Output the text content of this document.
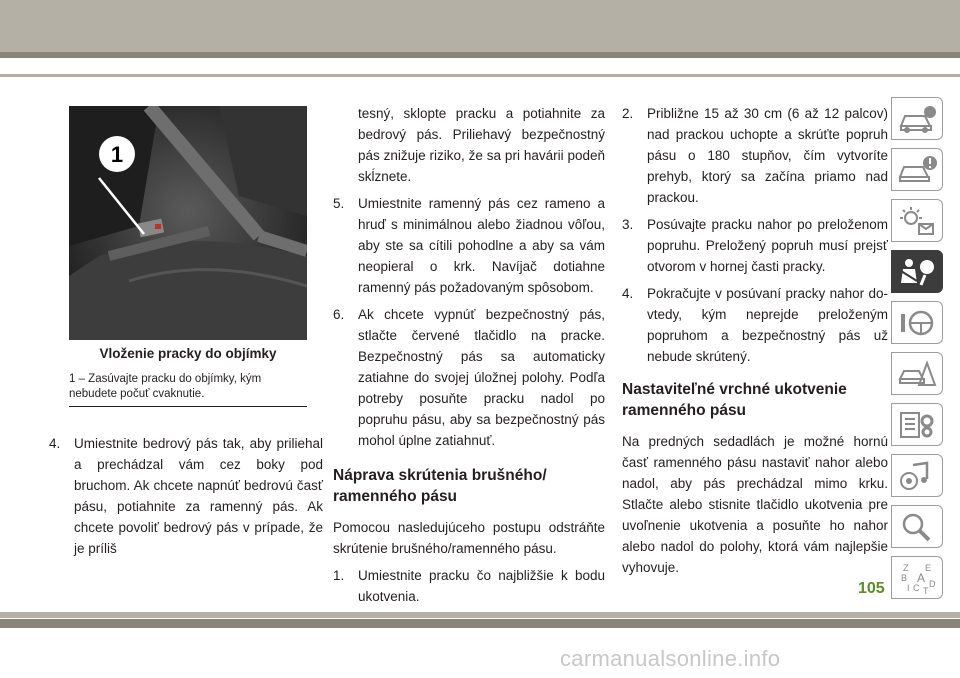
1
Vloženie pracky do objímky
1 – Zasúvajte pracku do objímky, kým nebudete počuť cvaknutie.
4.	Umiestnite bedrový pás tak, aby priliehal a prechádzal vám cez boky pod bruchom. Ak chcete napnúť bedrovú časť pásu, potiahnite za ramenný pás. Ak chcete povoliť bedrový pás v prípade, že je príliš

tesný, sklopte pracku a potiahnite za bedrový pás. Priliehavý bezpečnostný pás znižuje riziko, že sa pri havárii podeň skĺznete.

5.	Umiestnite ramenný pás cez rameno a hruď s minimálnou alebo žiadnou vôľou, aby ste sa cítili pohodlne a aby sa vám neopieral o krk. Navíjač dotiahne ramenný pás požadovaným spôsobom.
6.	Ak chcete vypnúť bezpečnostný pás, stlačte červené tlačidlo na pracke. Bezpečnostný pás sa automaticky zatiahne do svojej úložnej polohy. Podľa potreby posuňte pracku nadol po popruhu pásu, aby sa bezpečnostný pás mohol úplne zatiahnuť.
Náprava skrútenia brušného/ ramenného pásu

Pomocou nasledujúceho postupu odstráňte skrútenie brušného/ramenného pásu.

1.	Umiestnite pracku čo najbližšie k bodu ukotvenia.
2.	Približne 15 až 30 cm (6 až 12 palcov) nad prackou uchopte a skrúťte popruh pásu o 180 stupňov, čím vytvoríte prehyb, ktorý sa začína priamo nad prackou.
3.	Posúvajte pracku nahor po preloženom popruhu. Preložený popruh musí prejsť otvorom v hornej časti pracky.
4.	Pokračujte v posúvaní pracky nahor do-vtedy, kým neprejde preloženým popruhom a bezpečnostný pás už nebude skrútený.
Nastaviteľné vrchné ukotvenie ramenného pásu

Na predných sedadlách je možné hornú časť ramenného pásu nastaviť nahor alebo nadol, aby pás prechádzal mimo krku. Stlačte alebo stisnite tlačidlo ukotvenia pre uvoľnenie ukotvenia a posuňte ho nahor alebo nadol do polohy, ktorá vám najlepšie vyhovuje.	Z E
B A
I C D
T
105
carmanualsonline.info
